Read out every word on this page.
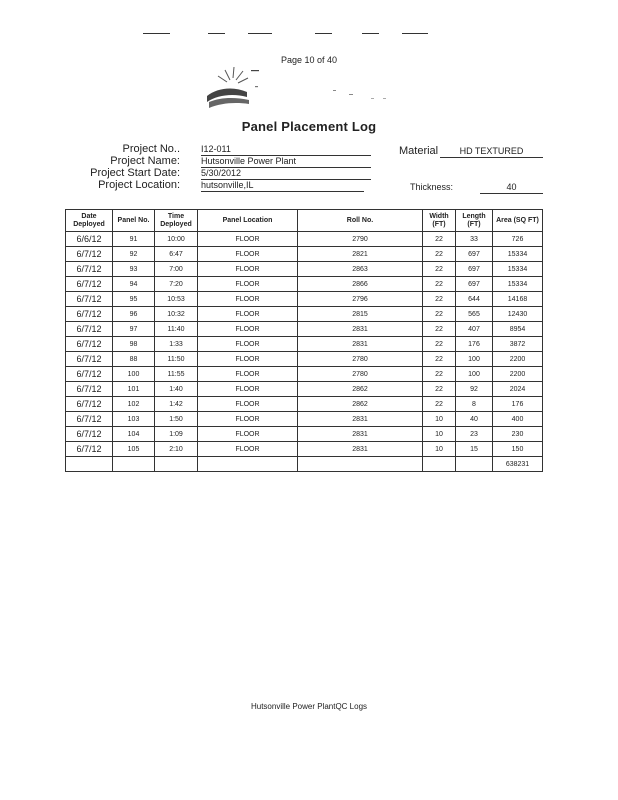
Page 10 of 40
Panel Placement Log
Project No.. I12-011
Project Name: Hutsonville Power Plant
Project Start Date: 5/30/2012
Project Location: hutsonville,IL
Material	HD TEXTURED
Thickness:	40
Date Deployed	Panel No.	Time Deployed	Panel Location	Roll No.	Width (FT)	Length (FT)	Area (SQ FT)
6/6/12	91	10:00	FLOOR	2790	22	33	726
6/7/12	92	6:47	FLOOR	2821	22	697	15334
6/7/12	93	7:00	FLOOR	2863	22	697	15334
6/7/12	94	7:20	FLOOR	2866	22	697	15334
6/7/12	95	10:53	FLOOR	2796	22	644	14168
6/7/12	96	10:32	FLOOR	2815	22	565	12430
6/7/12	97	11:40	FLOOR	2831	22	407	8954
6/7/12	98	1:33	FLOOR	2831	22	176	3872
6/7/12	88	11:50	FLOOR	2780	22	100	2200
6/7/12	100	11:55	FLOOR	2780	22	100	2200
6/7/12	101	1:40	FLOOR	2862	22	92	2024
6/7/12	102	1:42	FLOOR	2862	22	8	176
6/7/12	103	1:50	FLOOR	2831	10	40	400
6/7/12	104	1:09	FLOOR	2831	10	23	230
6/7/12	105	2:10	FLOOR	2831	10	15	150
							638231
Hutsonville Power PlantQC Logs
